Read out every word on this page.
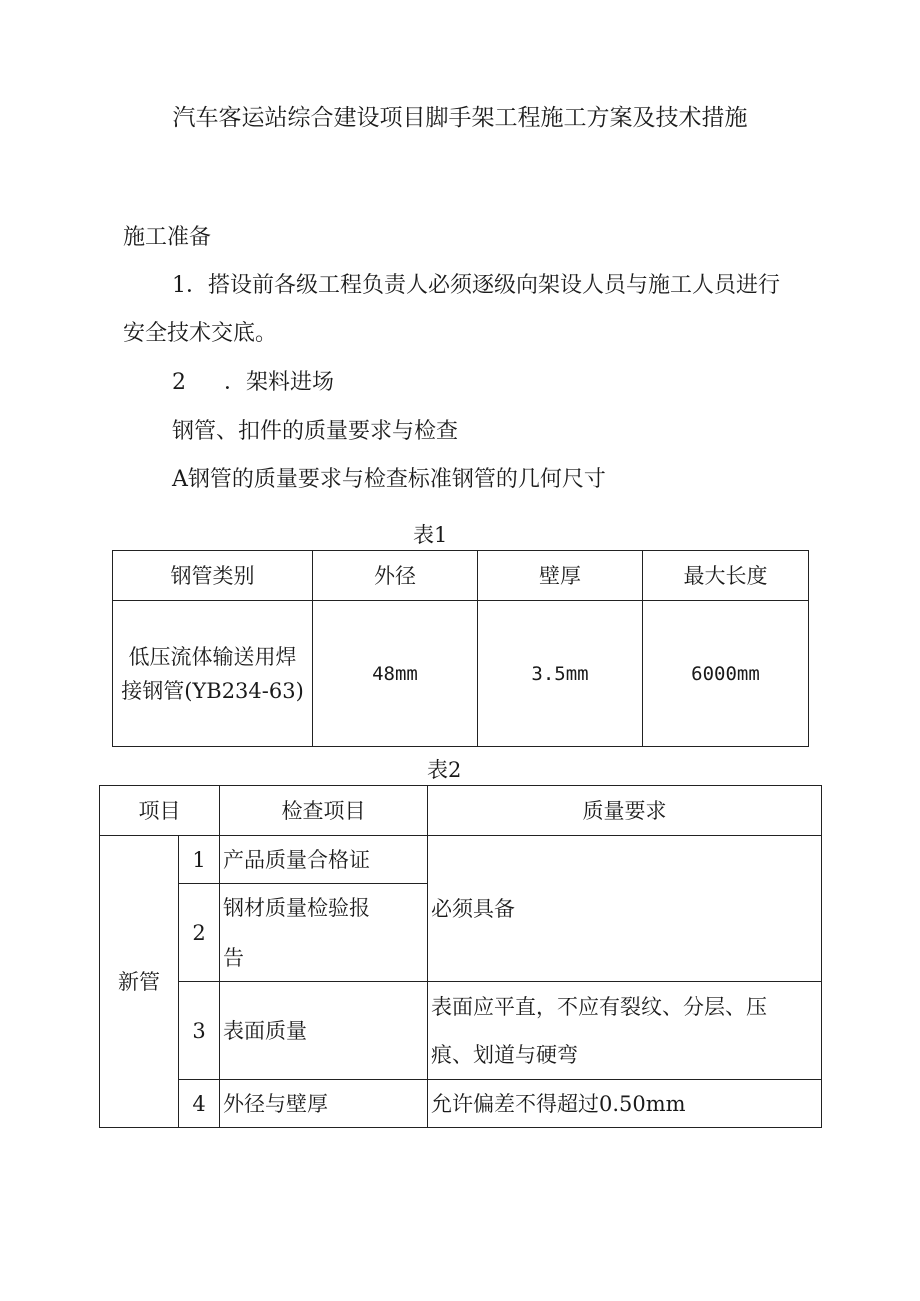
汽车客运站综合建设项目脚手架工程施工方案及技术措施

施工准备

1．搭设前各级工程负责人必须逐级向架设人员与施工人员进行

安全技术交底。

2 ．架料进场

钢管、扣件的质量要求与检查

A钢管的质量要求与检查标准钢管的几何尺寸

表1
钢管类别	外径	壁厚	最大长度

低压流体输送用焊
接钢管(YB234-63)	48mm	3.5mm	6000mm
表2
项目		检查项目	质量要求
新管	1	产品质量合格证	必须具备
	2	钢材质量检验报
告	

	3	表面质量	表面应平直，不应有裂纹、分层、压
痕、划道与硬弯

	4	外径与壁厚	允许偏差不得超过0.50mm
